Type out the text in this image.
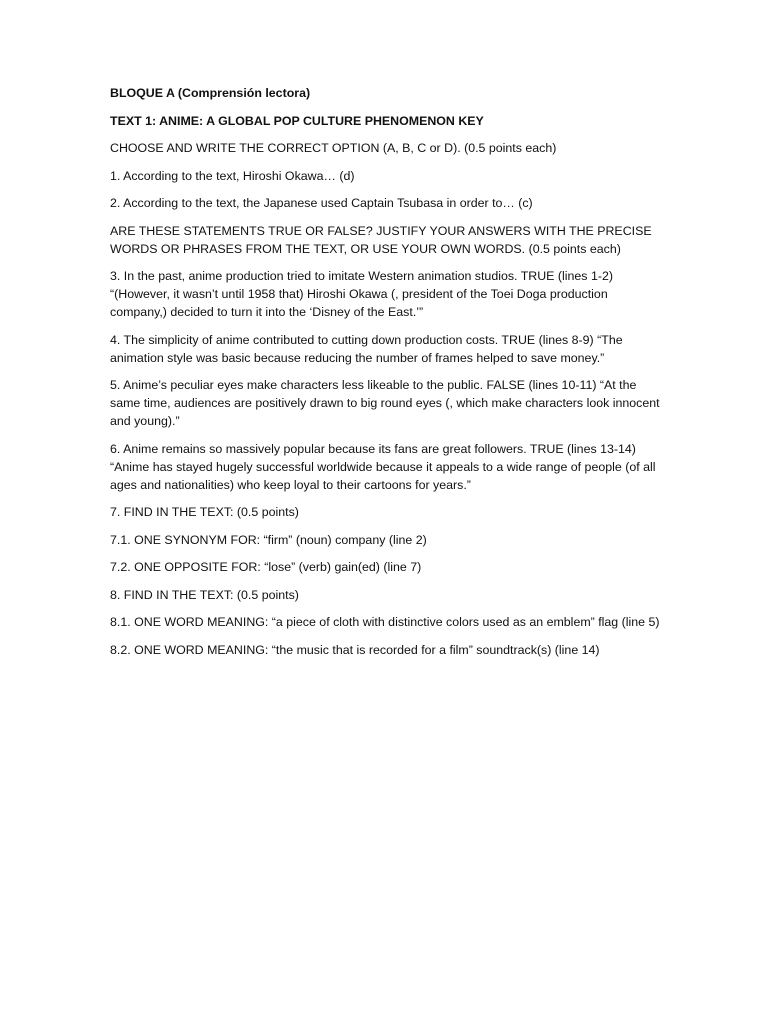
BLOQUE A (Comprensión lectora)

TEXT 1: ANIME: A GLOBAL POP CULTURE PHENOMENON KEY

CHOOSE AND WRITE THE CORRECT OPTION (A, B, C or D). (0.5 points each)

1. According to the text, Hiroshi Okawa… (d)

2. According to the text, the Japanese used Captain Tsubasa in order to… (c)

ARE THESE STATEMENTS TRUE OR FALSE? JUSTIFY YOUR ANSWERS WITH THE PRECISE WORDS OR PHRASES FROM THE TEXT, OR USE YOUR OWN WORDS. (0.5 points each)

3. In the past, anime production tried to imitate Western animation studios. TRUE (lines 1-2) “(However, it wasn’t until 1958 that) Hiroshi Okawa (, president of the Toei Doga production company,) decided to turn it into the ‘Disney of the East.’”

4. The simplicity of anime contributed to cutting down production costs. TRUE (lines 8-9) “The animation style was basic because reducing the number of frames helped to save money.”

5. Anime’s peculiar eyes make characters less likeable to the public. FALSE (lines 10-11) “At the same time, audiences are positively drawn to big round eyes (, which make characters look innocent and young).”

6. Anime remains so massively popular because its fans are great followers. TRUE (lines 13-14) “Anime has stayed hugely successful worldwide because it appeals to a wide range of people (of all ages and nationalities) who keep loyal to their cartoons for years.”

7. FIND IN THE TEXT: (0.5 points)

7.1. ONE SYNONYM FOR: “firm” (noun) company (line 2)

7.2. ONE OPPOSITE FOR: “lose” (verb) gain(ed) (line 7)

8. FIND IN THE TEXT: (0.5 points)

8.1. ONE WORD MEANING: “a piece of cloth with distinctive colors used as an emblem” flag (line 5)

8.2. ONE WORD MEANING: “the music that is recorded for a film” soundtrack(s) (line 14)
